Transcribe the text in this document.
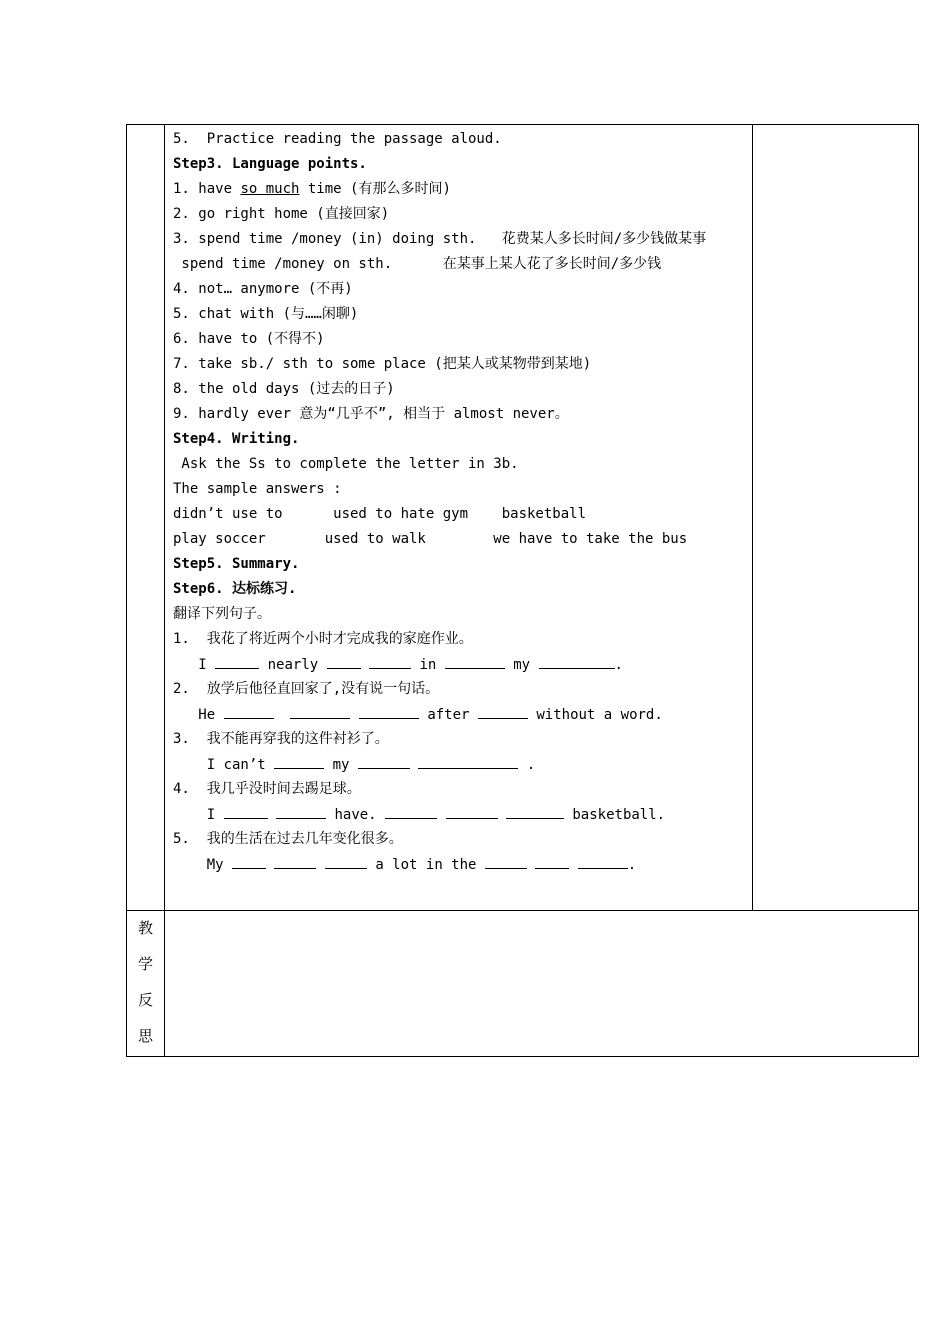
5.  Practice reading the passage aloud.
Step3. Language points.
1. have so much time (有那么多时间)
2. go right home (直接回家)
3. spend time /money (in) doing sth.   花费某人多长时间/多少钱做某事
spend time /money on sth.      在某事上某人花了多长时间/多少钱
4. not… anymore (不再)
5. chat with (与……闲聊)
6. have to (不得不)
7. take sb./ sth to some place (把某人或某物带到某地)
8. the old days (过去的日子)
9. hardly ever 意为“几乎不”, 相当于 almost never。
Step4. Writing.
Ask the Ss to complete the letter in 3b.
The sample answers :
didn’t use to      used to hate gym    basketball
play soccer       used to walk        we have to take the bus
Step5. Summary.
Step6. 达标练习.
翻译下列句子。
1.  我花了将近两个小时才完成我的家庭作业。
I	nearly	in	my	.
2.  放学后他径直回家了,没有说一句话。
He	after	without a word.
3.  我不能再穿我的这件衬衫了。
I can’t	my	.
4.  我几乎没时间去踢足球。
I	have.	basketball.
5.  我的生活在过去几年变化很多。
My	a lot in the	.
教
学
反
思
